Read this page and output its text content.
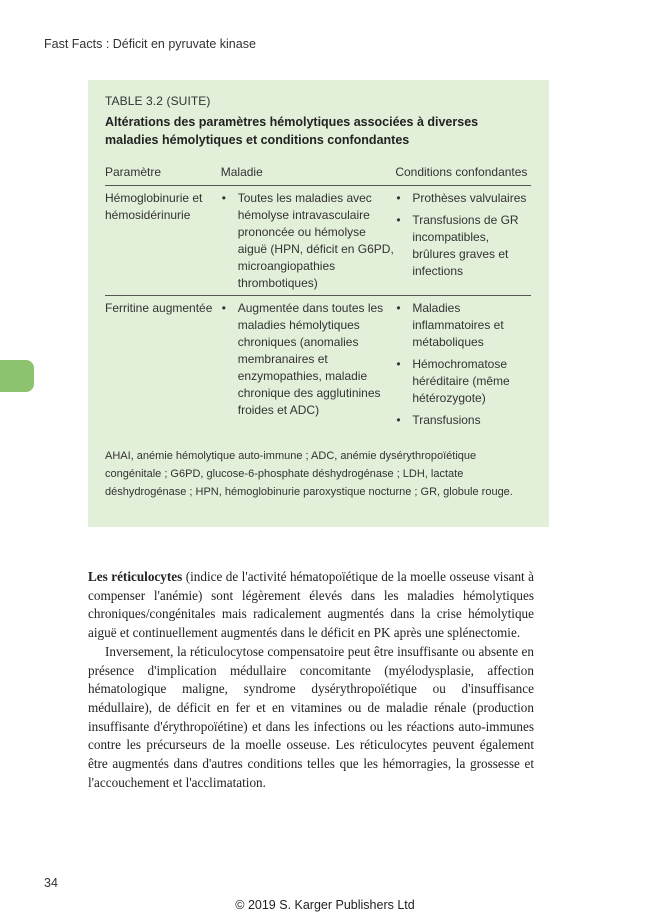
Fast Facts : Déficit en pyruvate kinase
TABLE 3.2 (SUITE)
Altérations des paramètres hémolytiques associées à diverses maladies hémolytiques et conditions confondantes
Paramètre	Maladie	Conditions confondantes
Hémoglobinurie et hémosidérinurie
• Toutes les maladies avec hémolyse intravasculaire prononcée ou hémolyse aiguë (HPN, déficit en G6PD, microangiopathies thrombotiques)
• Prothèses valvulaires
• Transfusions de GR incompatibles, brûlures graves et infections
Ferritine augmentée
•	Augmentée dans toutes les maladies hémolytiques chroniques (anomalies membranaires et enzymopathies, maladie chronique des agglutinines froides et ADC)
• Maladies inflammatoires et métaboliques
• Hémochromatose héréditaire (même hétérozygote)
• Transfusions
AHAI, anémie hémolytique auto-immune ; ADC, anémie dysérythropoïétique congénitale ; G6PD, glucose-6-phosphate déshydrogénase ; LDH, lactate déshydrogénase ; HPN, hémoglobinurie paroxystique nocturne ; GR, globule rouge.

Les réticulocytes (indice de l'activité hématopoïétique de la moelle osseuse visant à compenser l'anémie) sont légèrement élevés dans les maladies hémolytiques chroniques/congénitales mais radicalement augmentés dans la crise hémolytique aiguë et continuellement augmentés dans le déficit en PK après une splénectomie.

Inversement, la réticulocytose compensatoire peut être insuffisante ou absente en présence d'implication médullaire concomitante (myélodysplasie, affection hématologique maligne, syndrome dysérythropoïétique ou d'insuffisance médullaire), de déficit en fer et en vitamines ou de maladie rénale (production insuffisante d'érythropoïétine) et dans les infections ou les réactions auto-immunes contre les précurseurs de la moelle osseuse. Les réticulocytes peuvent également être augmentés dans d'autres conditions telles que les hémorragies, la grossesse et l'accouchement et l'acclimatation.

34
© 2019 S. Karger Publishers Ltd
